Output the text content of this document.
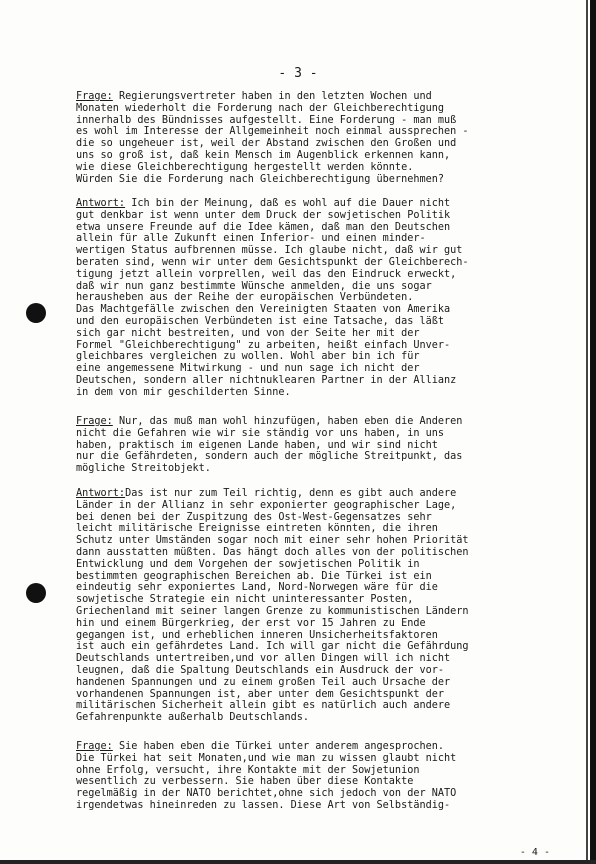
- 3 -
Frage: Regierungsvertreter haben in den letzten Wochen und
Monaten wiederholt die Forderung nach der Gleichberechtigung
innerhalb des Bündnisses aufgestellt. Eine Forderung - man muß
es wohl im Interesse der Allgemeinheit noch einmal aussprechen -
die so ungeheuer ist, weil der Abstand zwischen den Großen und
uns so groß ist, daß kein Mensch im Augenblick erkennen kann,
wie diese Gleichberechtigung hergestellt werden könnte.
Würden Sie die Forderung nach Gleichberechtigung übernehmen?
Antwort: Ich bin der Meinung, daß es wohl auf die Dauer nicht
gut denkbar ist wenn unter dem Druck der sowjetischen Politik
etwa unsere Freunde auf die Idee kämen, daß man den Deutschen
allein für alle Zukunft einen Inferior- und einen minder-
wertigen Status aufbrennen müsse. Ich glaube nicht, daß wir gut
beraten sind, wenn wir unter dem Gesichtspunkt der Gleichberech-
tigung jetzt allein vorprellen, weil das den Eindruck erweckt,
daß wir nun ganz bestimmte Wünsche anmelden, die uns sogar
herausheben aus der Reihe der europäischen Verbündeten.
Das Machtgefälle zwischen den Vereinigten Staaten von Amerika
und den europäischen Verbündeten ist eine Tatsache, das läßt
sich gar nicht bestreiten, und von der Seite her mit der
Formel "Gleichberechtigung" zu arbeiten, heißt einfach Unver-
gleichbares vergleichen zu wollen. Wohl aber bin ich für
eine angemessene Mitwirkung - und nun sage ich nicht der
Deutschen, sondern aller nichtnuklearen Partner in der Allianz
in dem von mir geschilderten Sinne.
Frage: Nur, das muß man wohl hinzufügen, haben eben die Anderen
nicht die Gefahren wie wir sie ständig vor uns haben, in uns
haben, praktisch im eigenen Lande haben, und wir sind nicht
nur die Gefährdeten, sondern auch der mögliche Streitpunkt, das
mögliche Streitobjekt.
Antwort:Das ist nur zum Teil richtig, denn es gibt auch andere
Länder in der Allianz in sehr exponierter geographischer Lage,
bei denen bei der Zuspitzung des Ost-West-Gegensatzes sehr
leicht militärische Ereignisse eintreten könnten, die ihren
Schutz unter Umständen sogar noch mit einer sehr hohen Priorität
dann ausstatten müßten. Das hängt doch alles von der politischen
Entwicklung und dem Vorgehen der sowjetischen Politik in
bestimmten geographischen Bereichen ab. Die Türkei ist ein
eindeutig sehr exponiertes Land, Nord-Norwegen wäre für die
sowjetische Strategie ein nicht uninteressanter Posten,
Griechenland mit seiner langen Grenze zu kommunistischen Ländern
hin und einem Bürgerkrieg, der erst vor 15 Jahren zu Ende
gegangen ist, und erheblichen inneren Unsicherheitsfaktoren
ist auch ein gefährdetes Land. Ich will gar nicht die Gefährdung
Deutschlands untertreiben,und vor allen Dingen will ich nicht
leugnen, daß die Spaltung Deutschlands ein Ausdruck der vor-
handenen Spannungen und zu einem großen Teil auch Ursache der
vorhandenen Spannungen ist, aber unter dem Gesichtspunkt der
militärischen Sicherheit allein gibt es natürlich auch andere
Gefahrenpunkte außerhalb Deutschlands.
Frage: Sie haben eben die Türkei unter anderem angesprochen.
Die Türkei hat seit Monaten,und wie man zu wissen glaubt nicht
ohne Erfolg, versucht, ihre Kontakte mit der Sowjetunion
wesentlich zu verbessern. Sie haben über diese Kontakte
regelmäßig in der NATO berichtet,ohne sich jedoch von der NATO
irgendetwas hineinreden zu lassen. Diese Art von Selbständig-
- 4 -
